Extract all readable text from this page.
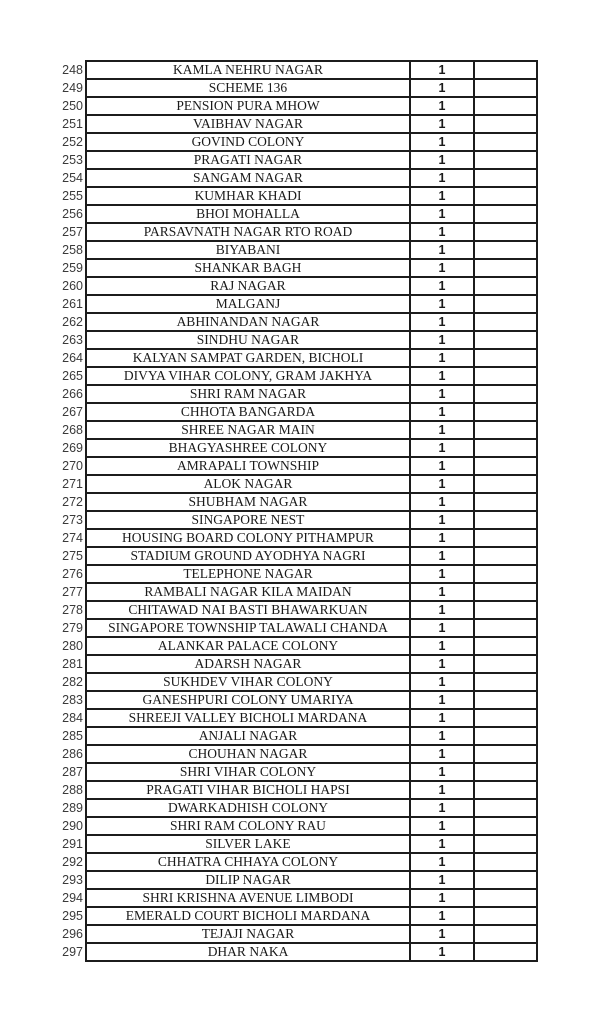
248	KAMLA NEHRU NAGAR	1	
249	SCHEME 136	1	
250	PENSION PURA MHOW	1	
251	VAIBHAV NAGAR	1	
252	GOVIND COLONY	1	
253	PRAGATI NAGAR	1	
254	SANGAM NAGAR	1	
255	KUMHAR KHADI	1	
256	BHOI MOHALLA	1	
257	PARSAVNATH NAGAR RTO ROAD	1	
258	BIYABANI	1	
259	SHANKAR BAGH	1	
260	RAJ NAGAR	1	
261	MALGANJ	1	
262	ABHINANDAN NAGAR	1	
263	SINDHU NAGAR	1	
264	KALYAN SAMPAT GARDEN, BICHOLI	1	
265	DIVYA VIHAR COLONY, GRAM JAKHYA	1	
266	SHRI RAM NAGAR	1	
267	CHHOTA BANGARDA	1	
268	SHREE NAGAR MAIN	1	
269	BHAGYASHREE COLONY	1	
270	AMRAPALI TOWNSHIP	1	
271	ALOK NAGAR	1	
272	SHUBHAM NAGAR	1	
273	SINGAPORE NEST	1	
274	HOUSING BOARD COLONY PITHAMPUR	1	
275	STADIUM GROUND AYODHYA NAGRI	1	
276	TELEPHONE NAGAR	1	
277	RAMBALI NAGAR KILA MAIDAN	1	
278	CHITAWAD NAI BASTI BHAWARKUAN	1	
279	SINGAPORE TOWNSHIP TALAWALI CHANDA	1	
280	ALANKAR PALACE COLONY	1	
281	ADARSH NAGAR	1	
282	SUKHDEV VIHAR COLONY	1	
283	GANESHPURI COLONY UMARIYA	1	
284	SHREEJI VALLEY BICHOLI MARDANA	1	
285	ANJALI NAGAR	1	
286	CHOUHAN NAGAR	1	
287	SHRI VIHAR COLONY	1	
288	PRAGATI VIHAR BICHOLI HAPSI	1	
289	DWARKADHISH COLONY	1	
290	SHRI RAM COLONY RAU	1	
291	SILVER LAKE	1	
292	CHHATRA CHHAYA COLONY	1	
293	DILIP NAGAR	1	
294	SHRI KRISHNA AVENUE LIMBODI	1	
295	EMERALD COURT BICHOLI MARDANA	1	
296	TEJAJI NAGAR	1	
297	DHAR NAKA	1	
